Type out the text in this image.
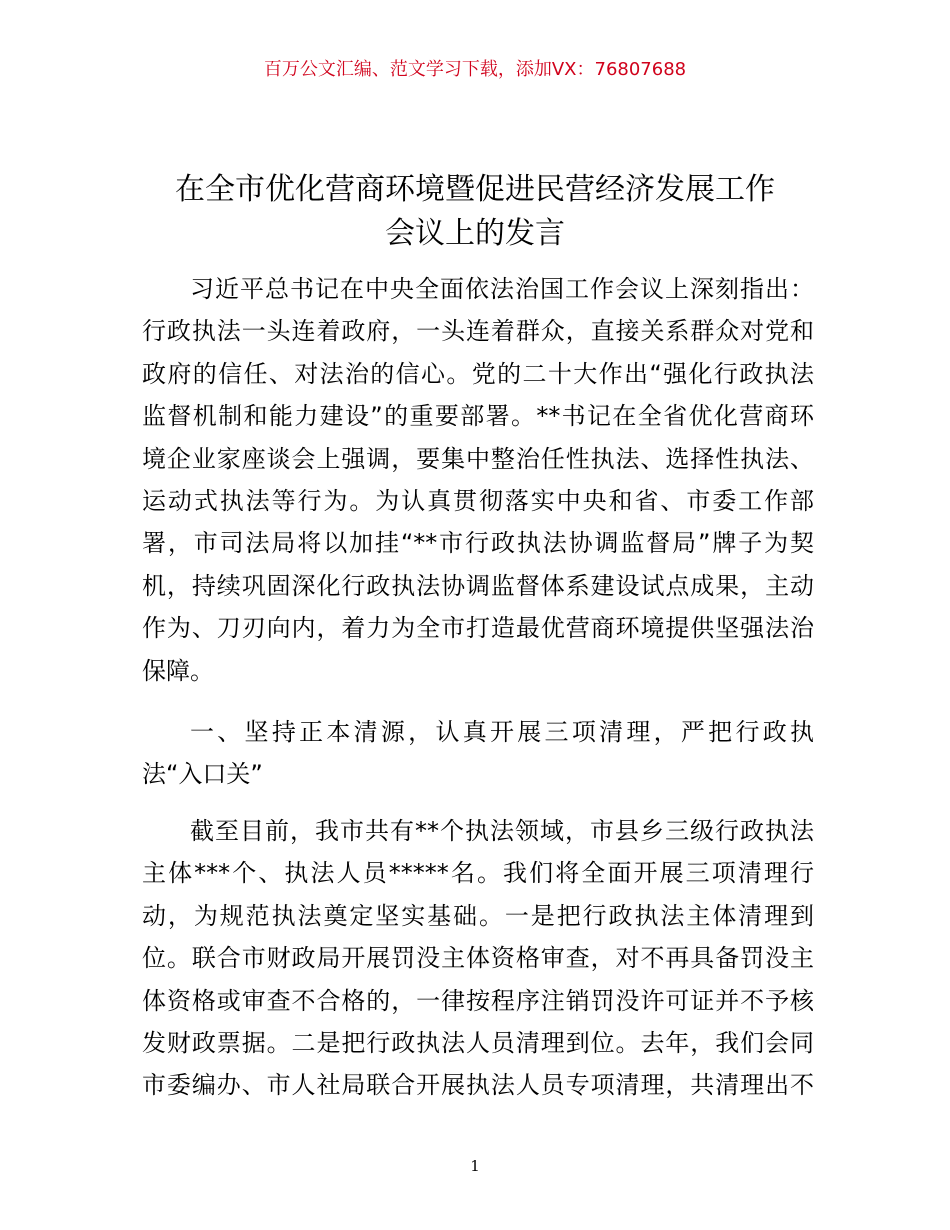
百万公文汇编、范文学习下载，添加VX：76807688
在全市优化营商环境暨促进民营经济发展工作
会议上的发言

习近平总书记在中央全面依法治国工作会议上深刻指出：
行政执法一头连着政府，一头连着群众，直接关系群众对党和
政府的信任、对法治的信心。党的二十大作出“强化行政执法
监督机制和能力建设”的重要部署。**书记在全省优化营商环
境企业家座谈会上强调，要集中整治任性执法、选择性执法、
运动式执法等行为。为认真贯彻落实中央和省、市委工作部
署，市司法局将以加挂“**市行政执法协调监督局”牌子为契
机，持续巩固深化行政执法协调监督体系建设试点成果，主动
作为、刀刃向内，着力为全市打造最优营商环境提供坚强法治
保障。

一、坚持正本清源，认真开展三项清理，严把行政执
法“入口关”

截至目前，我市共有**个执法领域，市县乡三级行政执法
主体***个、执法人员*****名。我们将全面开展三项清理行
动，为规范执法奠定坚实基础。一是把行政执法主体清理到
位。联合市财政局开展罚没主体资格审查，对不再具备罚没主
体资格或审查不合格的，一律按程序注销罚没许可证并不予核
发财政票据。二是把行政执法人员清理到位。去年，我们会同
市委编办、市人社局联合开展执法人员专项清理，共清理出不

1
